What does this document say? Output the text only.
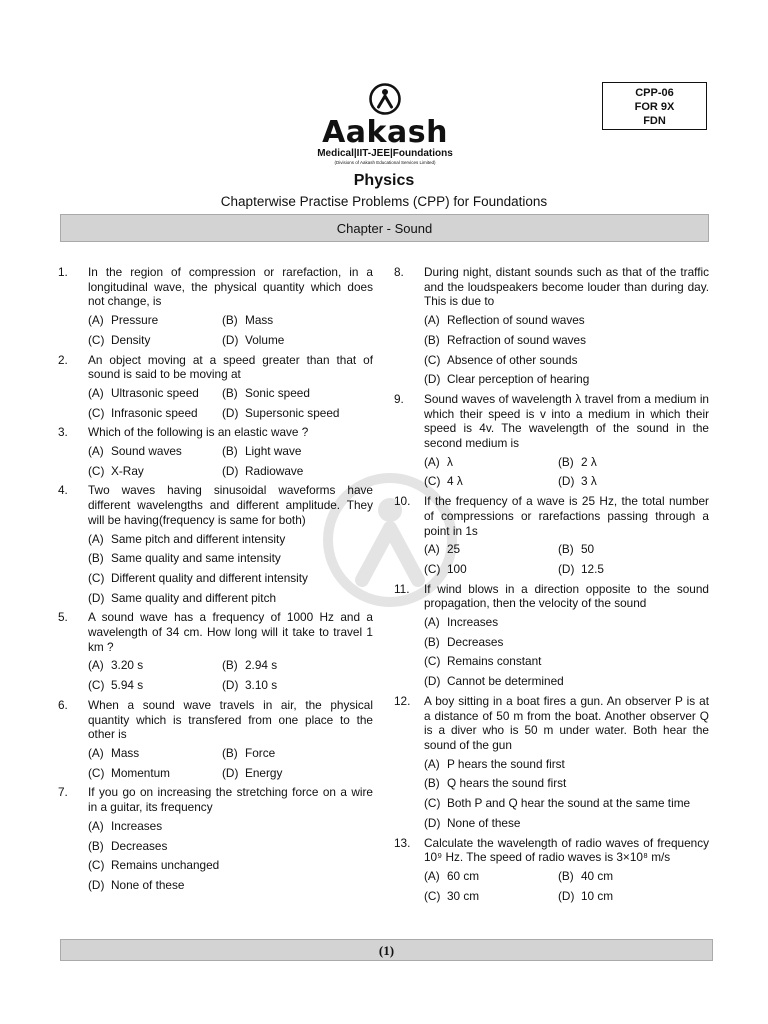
CPP-06
FOR 9X
FDN
Aakash
Medical|IIT-JEE|Foundations
(Divisions of Aakash Educational Services Limited)
Physics
Chapterwise Practise Problems (CPP) for Foundations
Chapter - Sound
1.	In the region of compression or rarefaction, in a longitudinal wave, the physical quantity which does not change, is
(A) Pressure	(B) Mass
(C) Density	(D) Volume
2.	An object moving at a speed greater than that of sound is said to be moving at
(A) Ultrasonic speed (B) Sonic speed
(C) Infrasonic speed (D) Supersonic speed
3.	Which of the following is an elastic wave ?
(A) Sound waves	(B) Light wave
(C) X-Ray	(D) Radiowave
4.	Two waves having sinusoidal waveforms have different wavelengths and different amplitude. They will be having(frequency is same for both)
(A) Same pitch and different intensity
(B) Same quality and same intensity
(C) Different quality and different intensity
(D) Same quality and different pitch
5.	A sound wave has a frequency of 1000 Hz and a wavelength of 34 cm. How long will it take to travel 1 km ?
(A) 3.20 s	(B) 2.94 s
(C) 5.94 s	(D) 3.10 s
6.	When a sound wave travels in air, the physical quantity which is transfered from one place to the other is
(A) Mass	(B) Force
(C) Momentum	(D) Energy
7.	If you go on increasing the stretching force on a wire in a guitar, its frequency
(A) Increases
(B) Decreases
(C) Remains unchanged
(D) None of these
8.	During night, distant sounds such as that of the traffic and the loudspeakers become louder than during day. This is due to
(A) Reflection of sound waves
(B) Refraction of sound waves
(C) Absence of other sounds
(D) Clear perception of hearing
9.	Sound waves of wavelength λ travel from a medium in which their speed is v into a medium in which their speed is 4v. The wavelength of the sound in the second medium is
(A) λ	(B) 2 λ
(C) 4 λ	(D) 3 λ
10.	If the frequency of a wave is 25 Hz, the total number of compressions or rarefactions passing through a point in 1s
(A) 25	(B) 50
(C) 100	(D) 12.5
11.	If wind blows in a direction opposite to the sound propagation, then the velocity of the sound
(A) Increases
(B) Decreases
(C) Remains constant
(D) Cannot be determined
12.	A boy sitting in a boat fires a gun. An observer P is at a distance of 50 m from the boat. Another observer Q is a diver who is 50 m under water. Both hear the sound of the gun
(A) P hears the sound first
(B) Q hears the sound first
(C) Both P and Q hear the sound at the same time
(D) None of these
13.	Calculate the wavelength of radio waves of frequency 10⁹ Hz. The speed of radio waves is 3×10⁸ m/s
(A) 60 cm	(B) 40 cm
(C) 30 cm	(D) 10 cm
(1)
